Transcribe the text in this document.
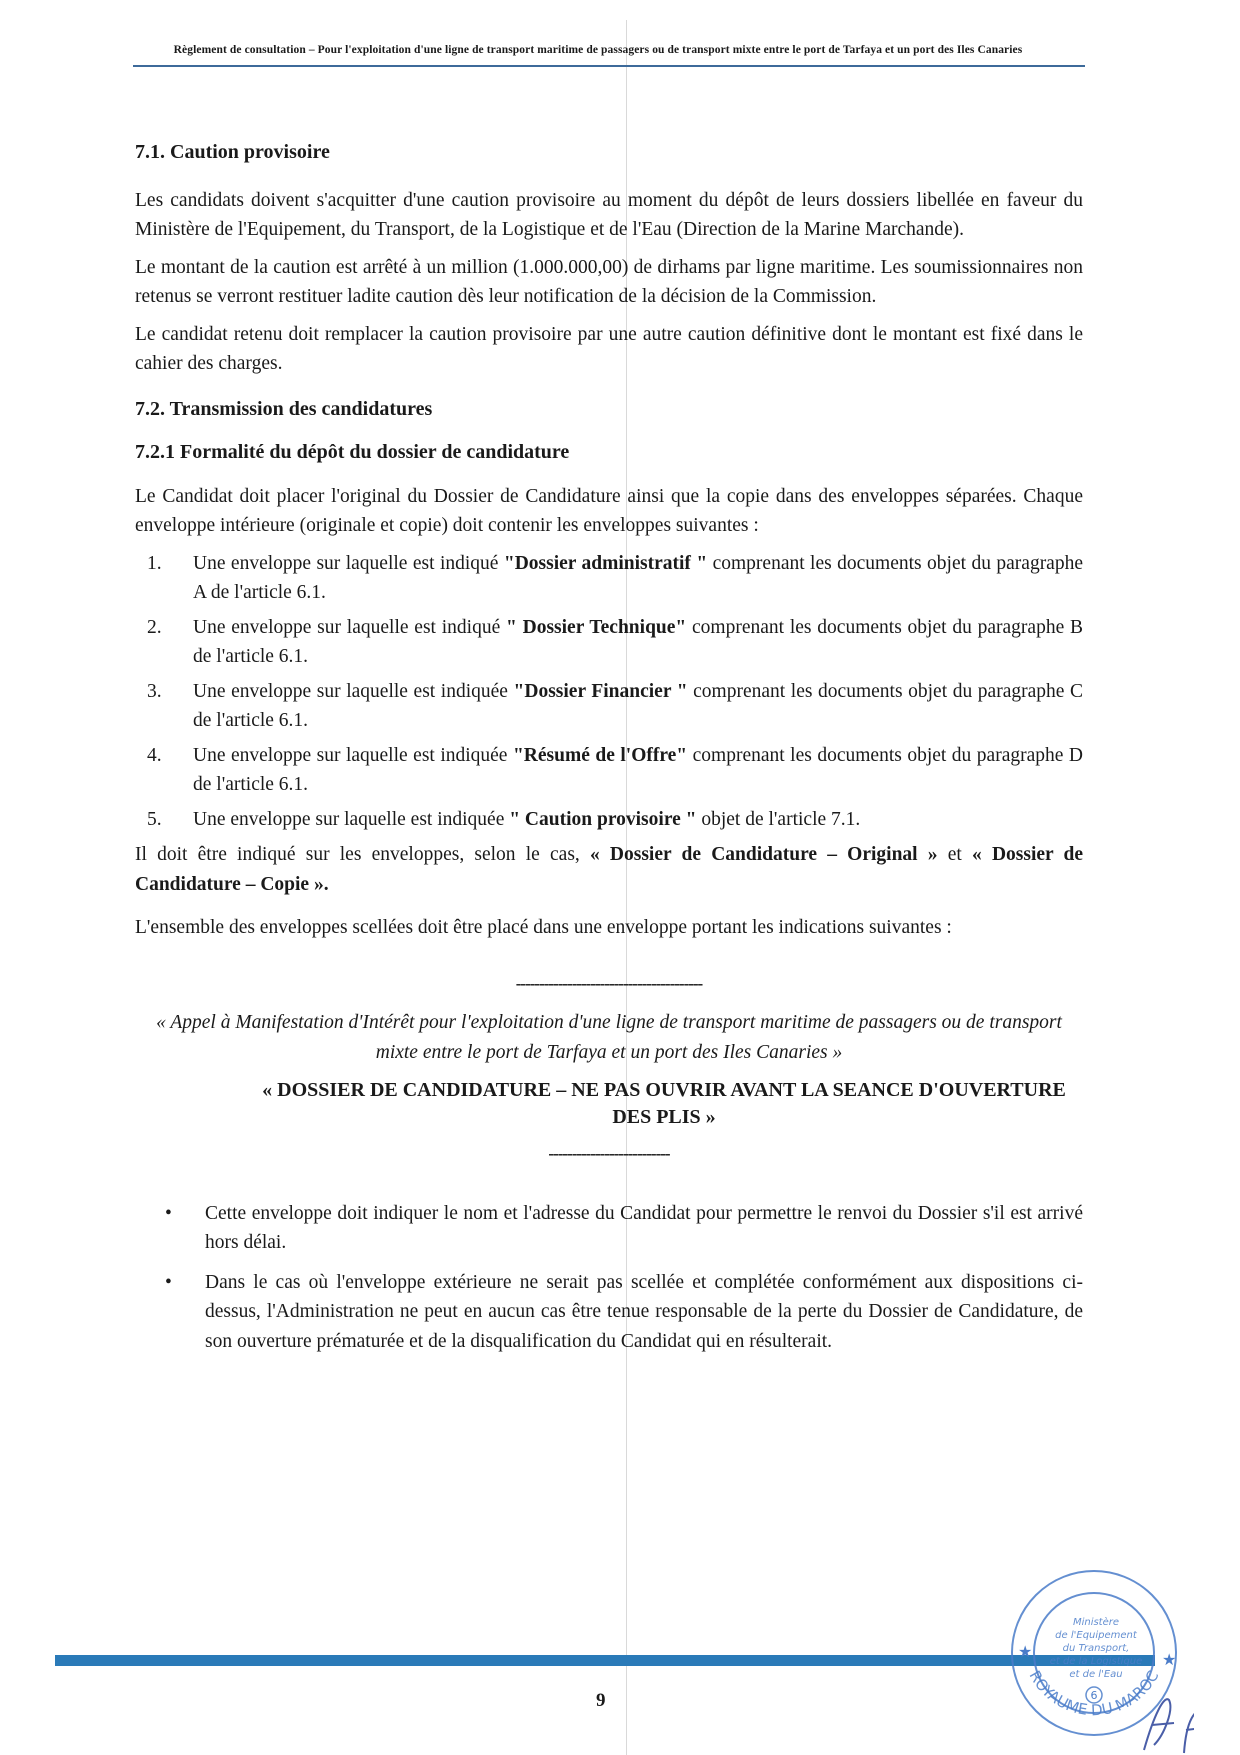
Règlement de consultation – Pour l'exploitation d'une ligne de transport maritime de passagers ou de transport mixte entre le port de Tarfaya et un port des Iles Canaries
7.1. Caution provisoire

Les candidats doivent s'acquitter d'une caution provisoire au moment du dépôt de leurs dossiers libellée en faveur du Ministère de l'Equipement, du Transport, de la Logistique et de l'Eau (Direction de la Marine Marchande).

Le montant de la caution est arrêté à un million (1.000.000,00) de dirhams par ligne maritime. Les soumissionnaires non retenus se verront restituer ladite caution dès leur notification de la décision de la Commission.

Le candidat retenu doit remplacer la caution provisoire par une autre caution définitive dont le montant est fixé dans le cahier des charges.

7.2. Transmission des candidatures
7.2.1 Formalité du dépôt du dossier de candidature

Le Candidat doit placer l'original du Dossier de Candidature ainsi que la copie dans des enveloppes séparées. Chaque enveloppe intérieure (originale et copie) doit contenir les enveloppes suivantes :

1.	Une enveloppe sur laquelle est indiqué "Dossier administratif " comprenant les documents objet du paragraphe A de l'article 6.1.
2.	Une enveloppe sur laquelle est indiqué " Dossier Technique" comprenant les documents objet du paragraphe B de l'article 6.1.
3.	Une enveloppe sur laquelle est indiquée "Dossier Financier " comprenant les documents objet du paragraphe C de l'article 6.1.
4.	Une enveloppe sur laquelle est indiquée "Résumé de l'Offre" comprenant les documents objet du paragraphe D de l'article 6.1.
5.	Une enveloppe sur laquelle est indiquée " Caution provisoire " objet de l'article 7.1.

Il doit être indiqué sur les enveloppes, selon le cas, « Dossier de Candidature – Original » et « Dossier de Candidature – Copie ».

L'ensemble des enveloppes scellées doit être placé dans une enveloppe portant les indications suivantes :

----------------------------------------
« Appel à Manifestation d'Intérêt pour l'exploitation d'une ligne de transport maritime de passagers ou de transport mixte entre le port de Tarfaya et un port des Iles Canaries »
« DOSSIER DE CANDIDATURE – NE PAS OUVRIR AVANT LA SEANCE D'OUVERTURE DES PLIS »
--------------------------
•	Cette enveloppe doit indiquer le nom et l'adresse du Candidat pour permettre le renvoi du Dossier s'il est arrivé hors délai.
•	Dans le cas où l'enveloppe extérieure ne serait pas scellée et complétée conformément aux dispositions ci-dessus, l'Administration ne peut en aucun cas être tenue responsable de la perte du Dossier de Candidature, de son ouverture prématurée et de la disqualification du Candidat qui en résulterait.
9
ROYAUME DU MAROC
Ministère
de l'Equipement
du Transport,
et de la Logistique
et de l'Eau
6
★	★
